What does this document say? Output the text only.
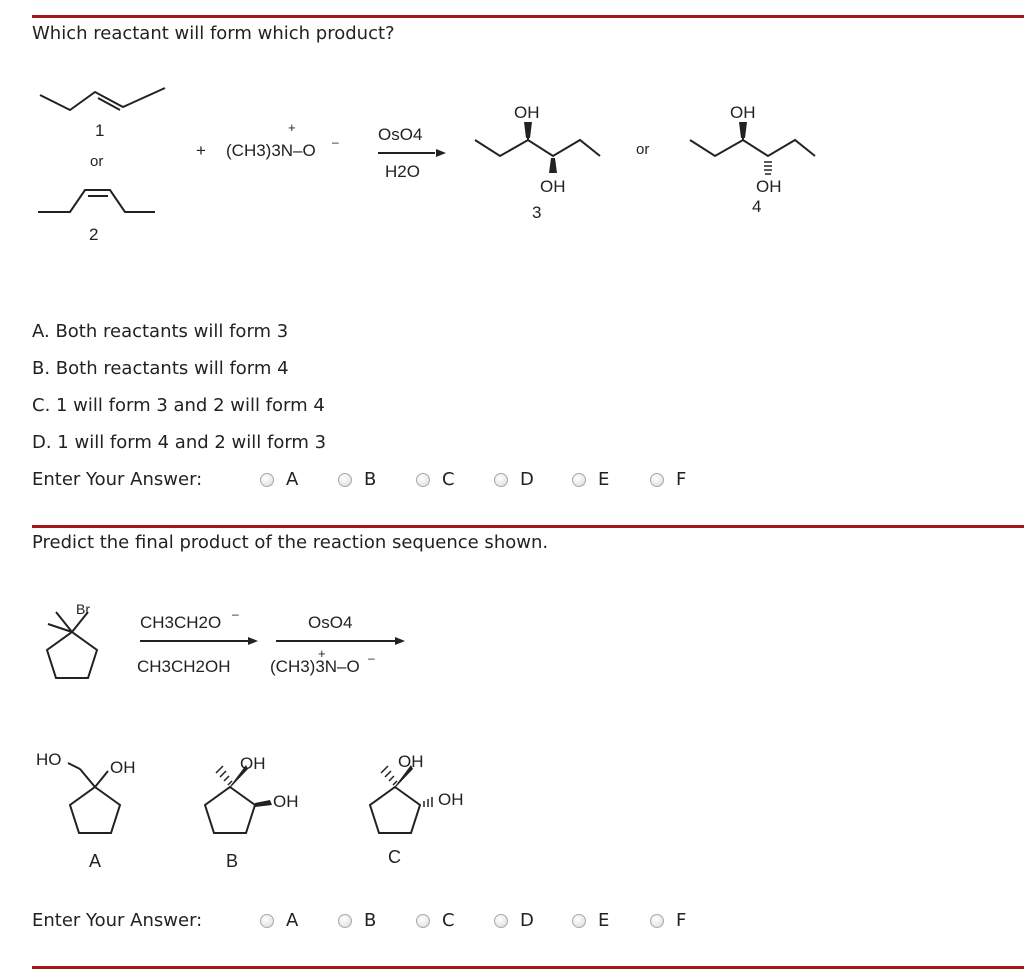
Which reactant will form which product?
1
or
2
+
+
(CH3)3N–O – OsO4
H2O
OH
OH
3
or
OH
OH
4
A. Both reactants will form 3
B. Both reactants will form 4
C. 1 will form 3 and 2 will form 4
D. 1 will form 4 and 2 will form 3
Enter Your Answer:	A	B	C	D	E	F
Predict the final product of the reaction sequence shown.
Br
CH3CH2O –
CH3CH2OH
OsO4
+
(CH3)3N–O –
HO	OH
A
OH
OH
B
OH
OH
C
Enter Your Answer:	A	B	C	D	E	F
